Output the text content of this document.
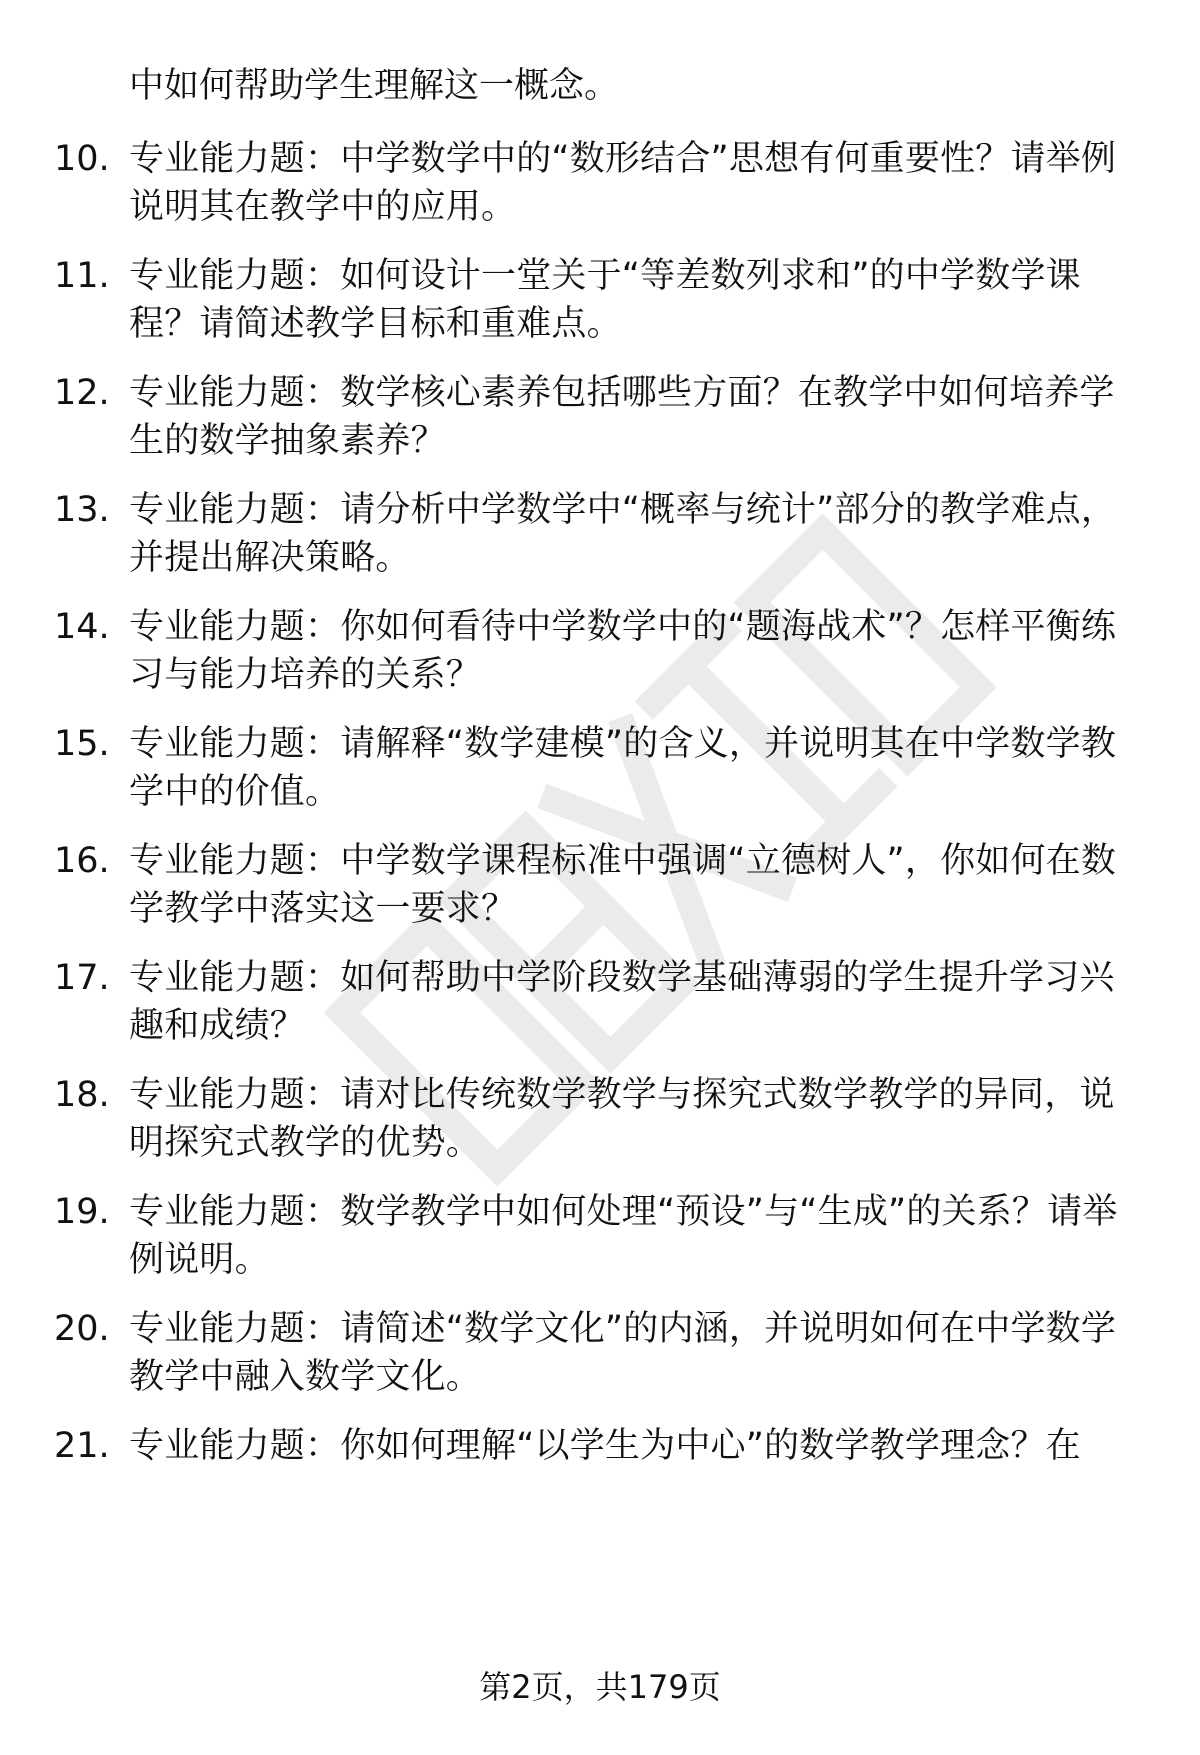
中如何帮助学生理解这一概念。
10. 专业能力题：中学数学中的“数形结合”思想有何重要性？请举例说明其在教学中的应用。
11. 专业能力题：如何设计一堂关于“等差数列求和”的中学数学课程？请简述教学目标和重难点。
12. 专业能力题：数学核心素养包括哪些方面？在教学中如何培养学生的数学抽象素养？
13. 专业能力题：请分析中学数学中“概率与统计”部分的教学难点，并提出解决策略。
14. 专业能力题：你如何看待中学数学中的“题海战术”？怎样平衡练习与能力培养的关系？
15. 专业能力题：请解释“数学建模”的含义，并说明其在中学数学教学中的价值。
16. 专业能力题：中学数学课程标准中强调“立德树人”，你如何在数学教学中落实这一要求？
17. 专业能力题：如何帮助中学阶段数学基础薄弱的学生提升学习兴趣和成绩？
18. 专业能力题：请对比传统数学教学与探究式数学教学的异同，说明探究式教学的优势。
19. 专业能力题：数学教学中如何处理“预设”与“生成”的关系？请举例说明。
20. 专业能力题：请简述“数学文化”的内涵，并说明如何在中学数学教学中融入数学文化。
21. 专业能力题：你如何理解“以学生为中心”的数学教学理念？在
第2页，共179页
